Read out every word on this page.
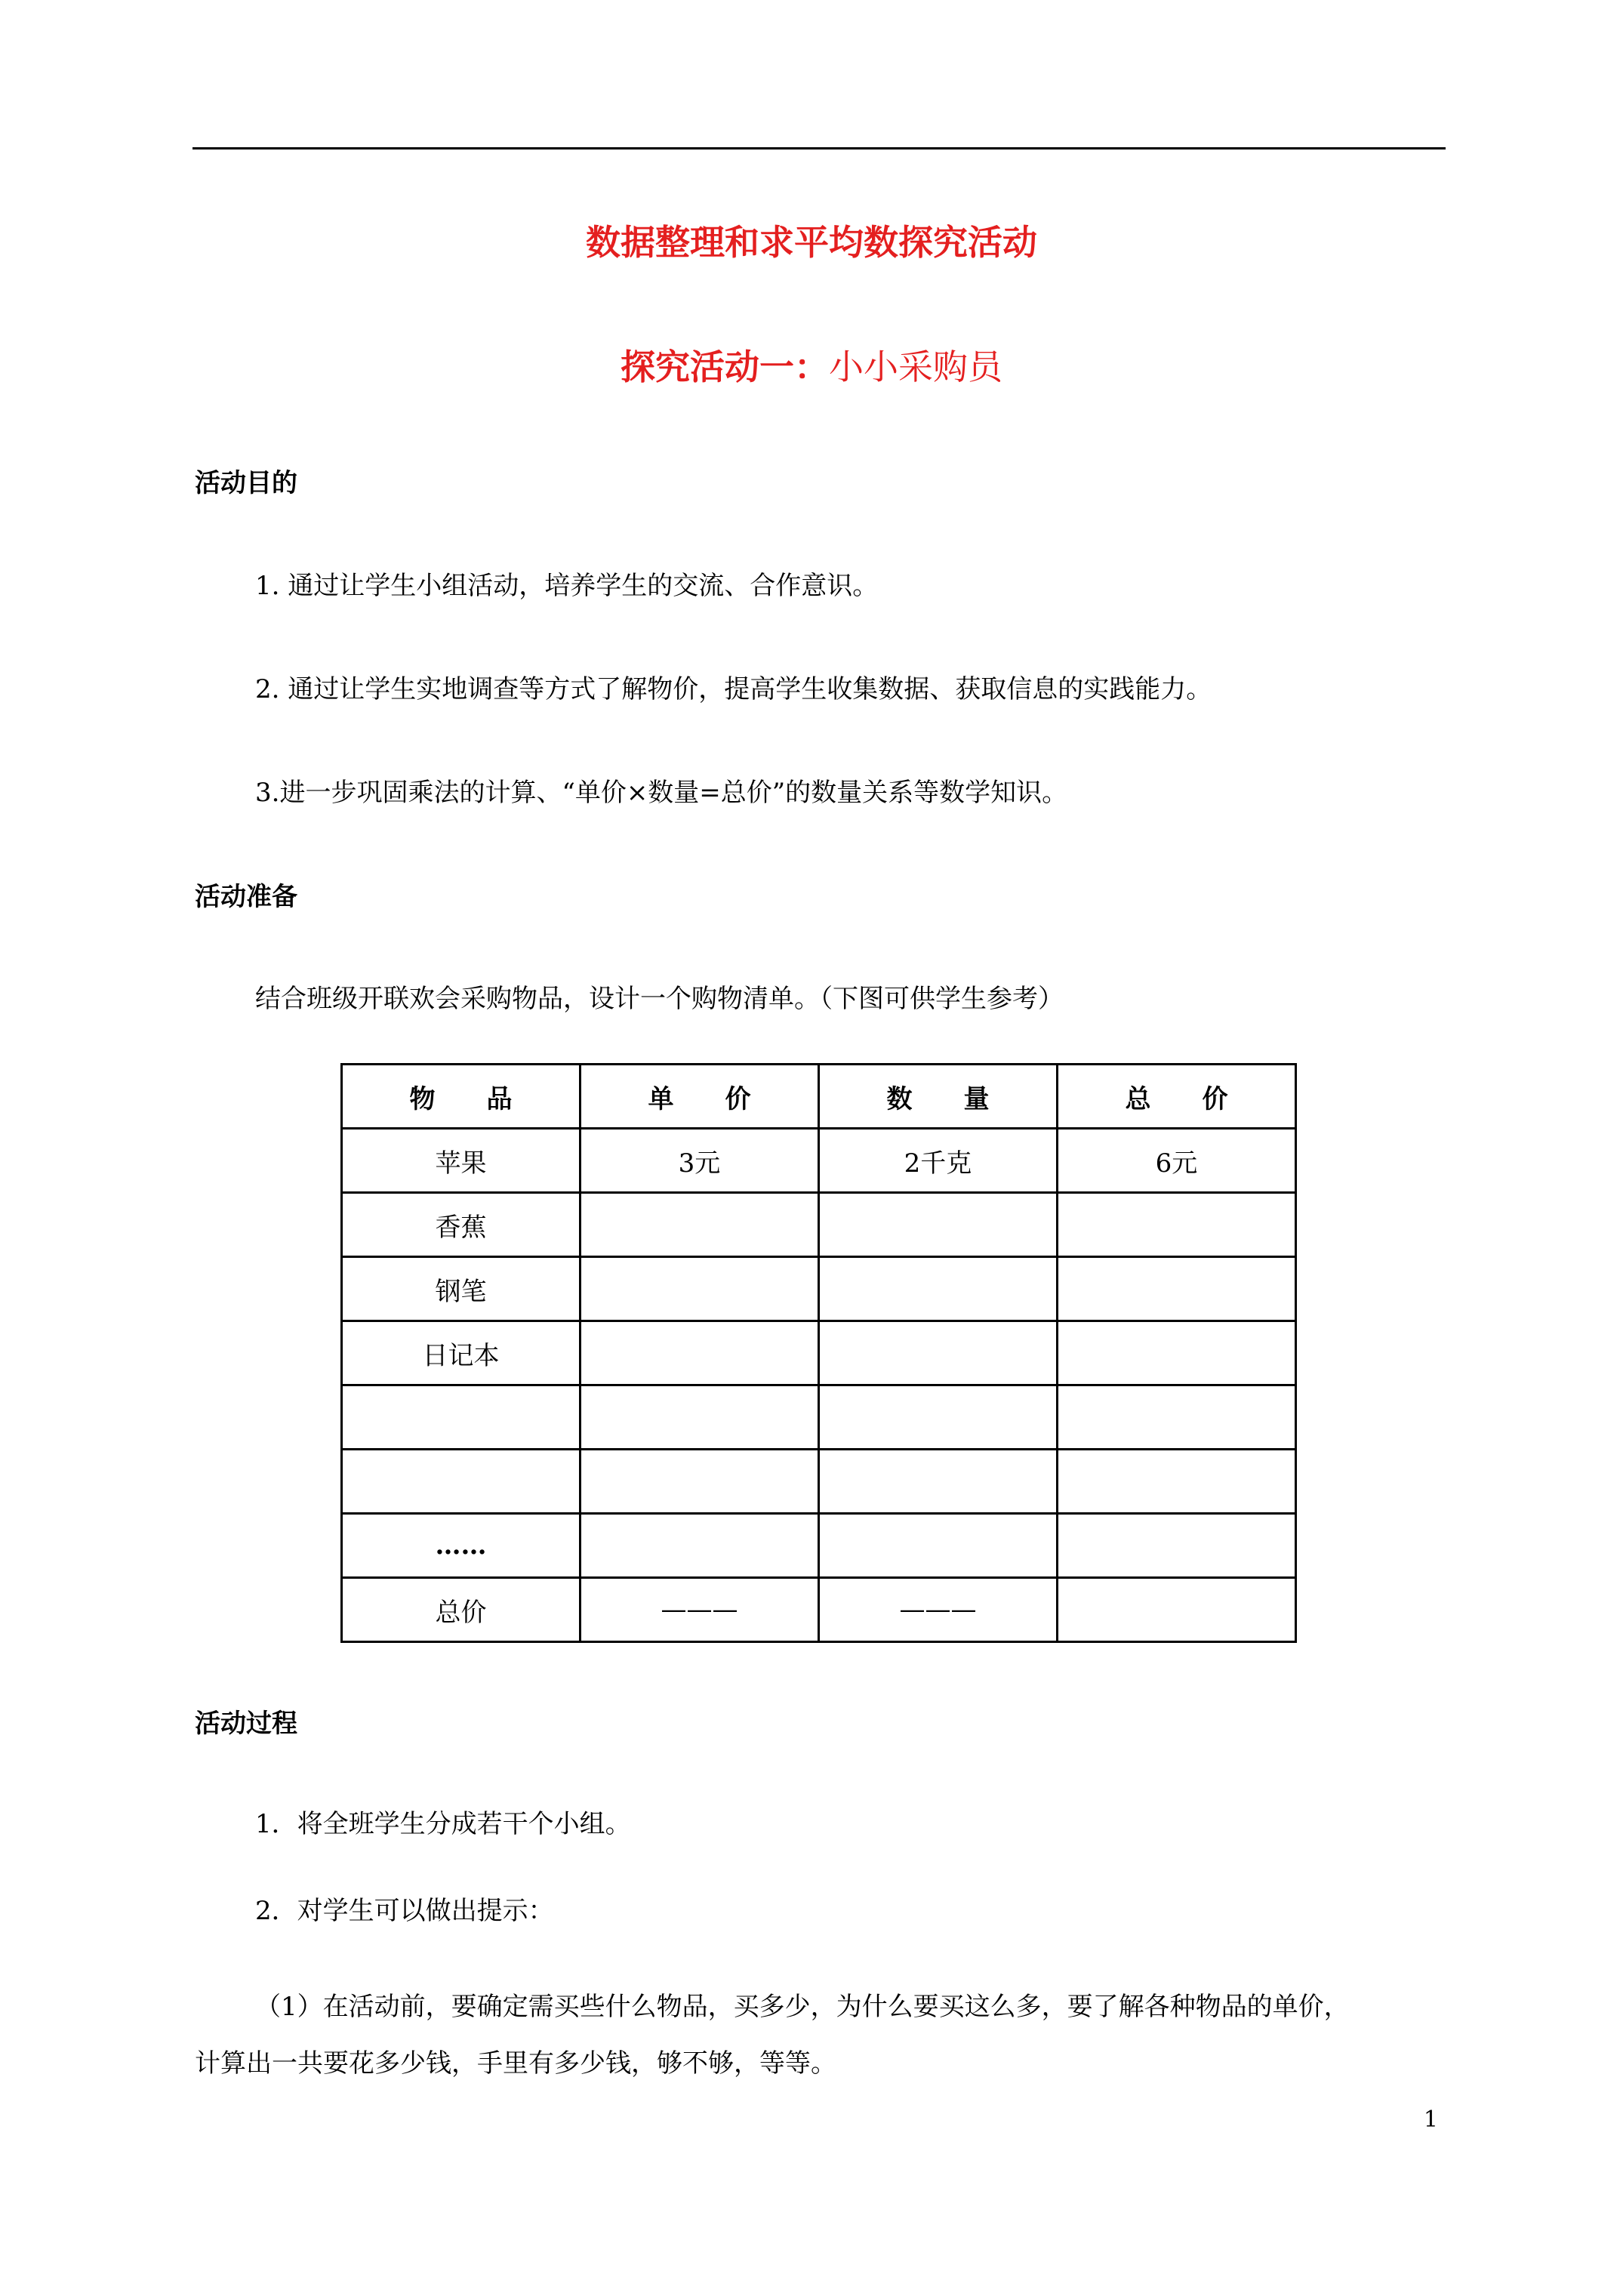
数据整理和求平均数探究活动
探究活动一：小小采购员
活动目的
1. 通过让学生小组活动，培养学生的交流、合作意识。
2. 通过让学生实地调查等方式了解物价，提高学生收集数据、获取信息的实践能力。
3.进一步巩固乘法的计算、“单价×数量=总价”的数量关系等数学知识。
活动准备
结合班级开联欢会采购物品，设计一个购物清单。（下图可供学生参考）
物　　品	单　　价	数　　量	总　　价
苹果	3元	2千克	6元
香蕉			
钢笔			
日记本			

……			
总价	———	———	
活动过程
1．将全班学生分成若干个小组。
2．对学生可以做出提示：
（1）在活动前，要确定需买些什么物品，买多少，为什么要买这么多，要了解各种物品的单价，
计算出一共要花多少钱，手里有多少钱，够不够，等等。
1
